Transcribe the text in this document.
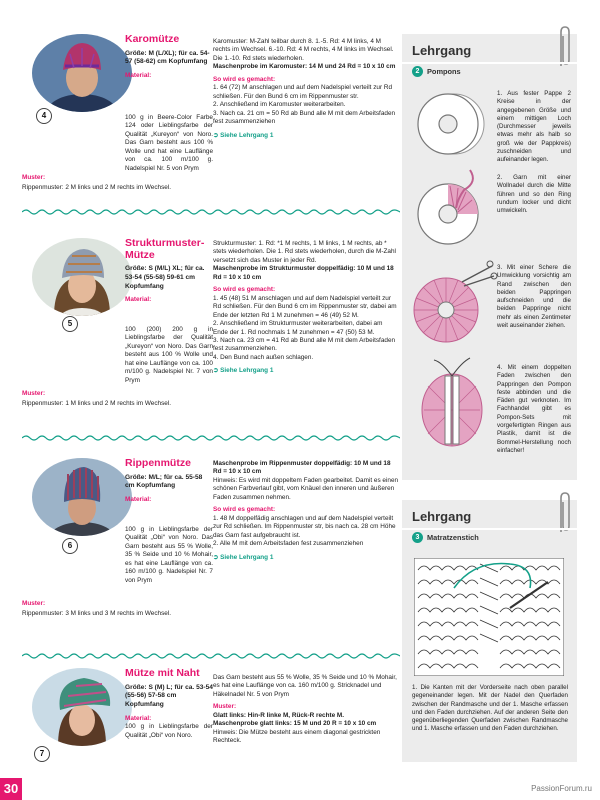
4
Karomütze
Größe: M (L/XL); für ca. 54-57 (58-62) cm Kopfumfang
Material:

100 g in Beere-Color Farbe 124 oder Lieblingsfarbe der Qualität „Kureyon“ von Noro. Das Garn besteht aus 100 % Wolle und hat eine Lauflänge von ca. 100 m/100 g. Nadelspiel Nr. 5 von Prym

Muster:

Rippenmuster: 2 M links und 2 M rechts im Wechsel.

Karomuster: M-Zahl teilbar durch 8. 1.-5. Rd: 4 M links, 4 M rechts im Wechsel. 6.-10. Rd: 4 M rechts, 4 M links im Wechsel. Die 1.-10. Rd stets wiederholen.

Maschenprobe im Karomuster: 14 M und 24 Rd = 10 x 10 cm

So wird es gemacht:

1. 64 (72) M anschlagen und auf dem Nadelspiel verteilt zur Rd schließen. Für den Bund 6 cm im Rippenmuster str.

2. Anschließend im Karomuster weiterarbeiten.

3. Nach ca. 21 cm = 50 Rd ab Bund alle M mit dem Arbeitsfaden fest zusammenziehen

➲ Siehe Lehrgang 1
5
Strukturmuster-Mütze
Größe: S (M/L) XL; für ca. 53-54 (55-58) 59-61 cm Kopfumfang
Material:

100 (200) 200 g in Lieblingsfarbe der Qualität „Kureyon“ von Noro. Das Garn besteht aus 100 % Wolle und hat eine Lauflänge von ca. 100 m/100 g. Nadelspiel Nr. 7 von Prym

Muster:

Rippenmuster: 1 M links und 2 M rechts im Wechsel.

Strukturmuster: 1. Rd: *1 M rechts, 1 M links, 1 M rechts, ab * stets wiederholen. Die 1. Rd stets wiederholen, durch die M-Zahl versetzt sich das Muster in jeder Rd.

Maschenprobe im Strukturmuster doppelfädig: 10 M und 18 Rd = 10 x 10 cm

So wird es gemacht:

1. 45 (48) 51 M anschlagen und auf dem Nadelspiel verteilt zur Rd schließen. Für den Bund 6 cm im Rippenmuster str, dabei am Ende der letzten Rd 1 M zunehmen = 46 (49) 52 M.

2. Anschließend im Strukturmuster weiterarbeiten, dabei am Ende der 1. Rd nochmals 1 M zunehmen = 47 (50) 53 M.

3. Nach ca. 23 cm = 41 Rd ab Bund alle M mit dem Arbeitsfaden fest zusammenziehen.

4. Den Bund nach außen schlagen.

➲ Siehe Lehrgang 1
6
Rippenmütze
Größe: M/L; für ca. 55-58 cm Kopfumfang
Material:

100 g in Lieblingsfarbe der Qualität „Obi“ von Noro. Das Garn besteht aus 55 % Wolle, 35 % Seide und 10 % Mohair, es hat eine Lauflänge von ca. 160 m/100 g. Nadelspiel Nr. 7 von Prym

Muster:

Rippenmuster: 3 M links und 3 M rechts im Wechsel.

Maschenprobe im Rippenmuster doppelfädig: 10 M und 18 Rd = 10 x 10 cm

Hinweis: Es wird mit doppeltem Faden gearbeitet. Damit es einen schönen Farbverlauf gibt, vom Knäuel den inneren und äußeren Faden zusammen nehmen.

So wird es gemacht:

1. 48 M doppelfädig anschlagen und auf dem Nadelspiel verteilt zur Rd schließen. Im Rippenmuster str, bis nach ca. 28 cm Höhe das Garn fast aufgebraucht ist.

2. Alle M mit dem Arbeitsfaden fest zusammenziehen

➲ Siehe Lehrgang 1
7
Mütze mit Naht
Größe: S (M) L; für ca. 53-54 (55-56) 57-58 cm Kopfumfang
Material:

100 g in Lieblingsfarbe der Qualität „Obi“ von Noro.

Das Garn besteht aus 55 % Wolle, 35 % Seide und 10 % Mohair, es hat eine Lauflänge von ca. 160 m/100 g. Stricknadel und Häkelnadel Nr. 5 von Prym

Muster:

Glatt links: Hin-R linke M, Rück-R rechte M.

Maschenprobe glatt links: 15 M und 20 R = 10 x 10 cm

Hinweis: Die Mütze besteht aus einem diagonal gestrickten Rechteck.

Lehrgang
2	Pompons
1. Aus fester Pappe 2 Kreise in der angegebenen Größe und einem mittigen Loch (Durchmesser jeweils etwas mehr als halb so groß wie der Pappkreis) zuschneiden und aufeinander legen.
2. Garn mit einer Wollnadel durch die Mitte führen und so den Ring rundum locker und dicht umwickeln.
3. Mit einer Schere die Umwicklung vorsichtig am Rand zwischen den beiden Pappringen aufschneiden und die beiden Pappringe nicht mehr als einen Zentimeter weit auseinander ziehen.
4. Mit einem doppelten Faden zwischen den Pappringen den Pompon feste abbinden und die Fäden gut verknoten. Im Fachhandel gibt es Pompon-Sets mit vorgefertigten Ringen aus Plastik, damit ist die Bommel-Herstellung noch einfacher!
Lehrgang
3	Matratzenstich
1. Die Kanten mit der Vorderseite nach oben parallel gegeneinander legen. Mit der Nadel den Querfaden zwischen der Randmasche und der 1. Masche erfassen und den Faden durchziehen. Auf der anderen Seite den gegenüberliegenden Querfaden zwischen Randmasche und 1. Masche erfassen und den Faden durchziehen.
30	PassionForum.ru
